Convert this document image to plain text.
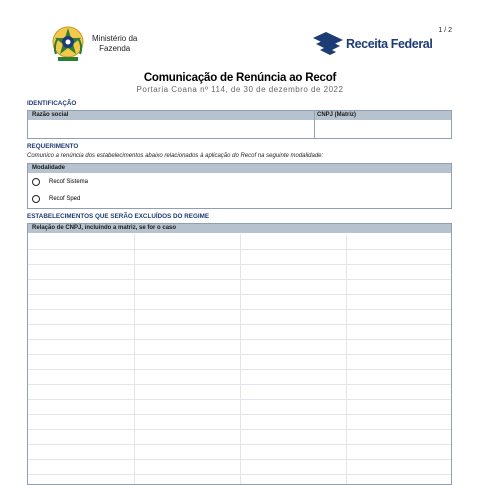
1 / 2
Ministério da
Fazenda	Receita Federal
Comunicação de Renúncia ao Recof
Portaria Coana nº 114, de 30 de dezembro de 2022
IDENTIFICAÇÃO
Razão social	CNPJ (Matriz)
REQUERIMENTO
Comunico a renúncia dos estabelecimentos abaixo relacionados à aplicação do Recof na seguinte modalidade:
Modalidade
Recof Sistema
Recof Sped
ESTABELECIMENTOS QUE SERÃO EXCLUÍDOS DO REGIME
Relação de CNPJ, incluindo a matriz, se for o caso
